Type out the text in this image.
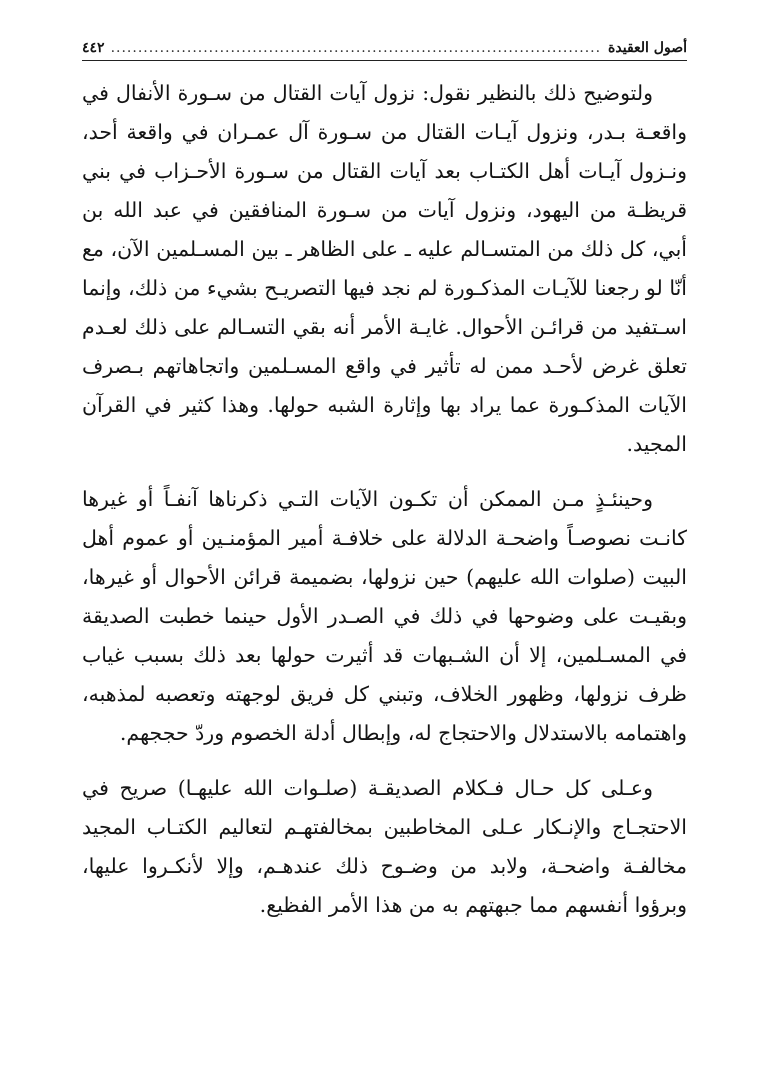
أصول العقيدة
.....
٤٤٢

ولتوضيح ذلك بالنظير نقول: نزول آيات القتال من سـورة الأنفال في واقعـة بـدر، ونزول آيـات القتال من سـورة آل عمـران في واقعة أحد، ونـزول آيـات أهل الكتـاب بعد آيات القتال من سـورة الأحـزاب في بني قريظـة من اليهود، ونزول آيات من سـورة المنافقين في عبد الله بن أبي، كل ذلك من المتسـالم عليه ـ على الظاهر ـ بين المسـلمين الآن، مع أنّا لو رجعنا للآيـات المذكـورة لم نجد فيها التصريـح بشيء من ذلك، وإنما اسـتفيد من قرائـن الأحوال. غايـة الأمر أنه بقي التسـالم على ذلك لعـدم تعلق غرض لأحـد ممن له تأثير في واقع المسـلمين واتجاهاتهم بـصرف الآيات المذكـورة عما يراد بها وإثارة الشبه حولها. وهذا كثير في القرآن المجيد.

وحينئـذٍ مـن الممكن أن تكـون الآيات التـي ذكرناها آنفـاً أو غيرها كانـت نصوصـاً واضحـة الدلالة على خلافـة أمير المؤمنـين أو عموم أهل البيت (صلوات الله عليهم) حين نزولها، بضميمة قرائن الأحوال أو غيرها، وبقيـت على وضوحها في ذلك في الصـدر الأول حينما خطبت الصديقة في المسـلمين، إلا أن الشـبهات قد أثيرت حولها بعد ذلك بسبب غياب ظرف نزولها، وظهور الخلاف، وتبني كل فريق لوجهته وتعصبه لمذهبه، واهتمامه بالاستدلال والاحتجاج له، وإبطال أدلة الخصوم وردّ حججهم.

وعـلى كل حـال فـكلام الصديقـة (صلـوات الله عليهـا) صريح في الاحتجـاج والإنـكار عـلى المخاطبين بمخالفتهـم لتعاليم الكتـاب المجيد مخالفـة واضحـة، ولابد من وضـوح ذلك عندهـم، وإلا لأنكـروا عليها، وبرؤوا أنفسهم مما جبهتهم به من هذا الأمر الفظيع.
